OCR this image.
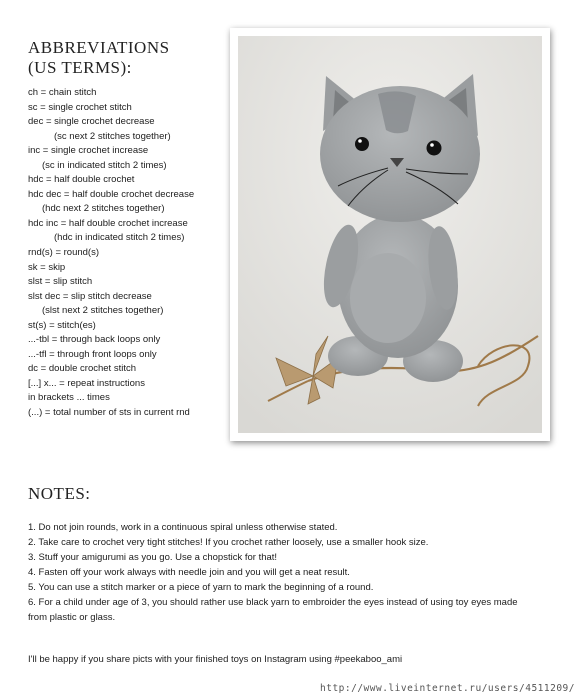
ABBREVIATIONS
(US TERMS):
ch = chain stitch
sc = single crochet stitch
dec = single crochet decrease
(sc next 2 stitches together)
inc = single crochet increase
(sc in indicated stitch 2 times)
hdc = half double crochet
hdc dec = half double crochet decrease
(hdc next 2 stitches together)
hdc inc = half double crochet increase
(hdc in indicated stitch 2 times)
rnd(s) = round(s)
sk = skip
slst = slip stitch
slst dec = slip stitch decrease
(slst next 2 stitches together)
st(s) = stitch(es)
...-tbl = through back loops only
...-tfl = through front loops only
dc = double crochet stitch
[...] x... = repeat instructions
in brackets ... times
(...) = total number of sts in current rnd
NOTES:
1. Do not join rounds, work in a continuous spiral unless otherwise stated.
2. Take care to crochet very tight stitches! If you crochet rather loosely, use a smaller hook size.
3. Stuff your amigurumi as you go. Use a chopstick for that!
4. Fasten off your work always with needle join and you will get a neat result.
5. You can use a stitch marker or a piece of yarn to mark the beginning of a round.
6. For a child under age of 3, you should rather use black yarn to embroider the eyes instead of using toy eyes made
from plastic or glass.
I'll be happy if you share picts with your finished toys on Instagram using #peekaboo_ami
http://www.liveinternet.ru/users/4511209/
